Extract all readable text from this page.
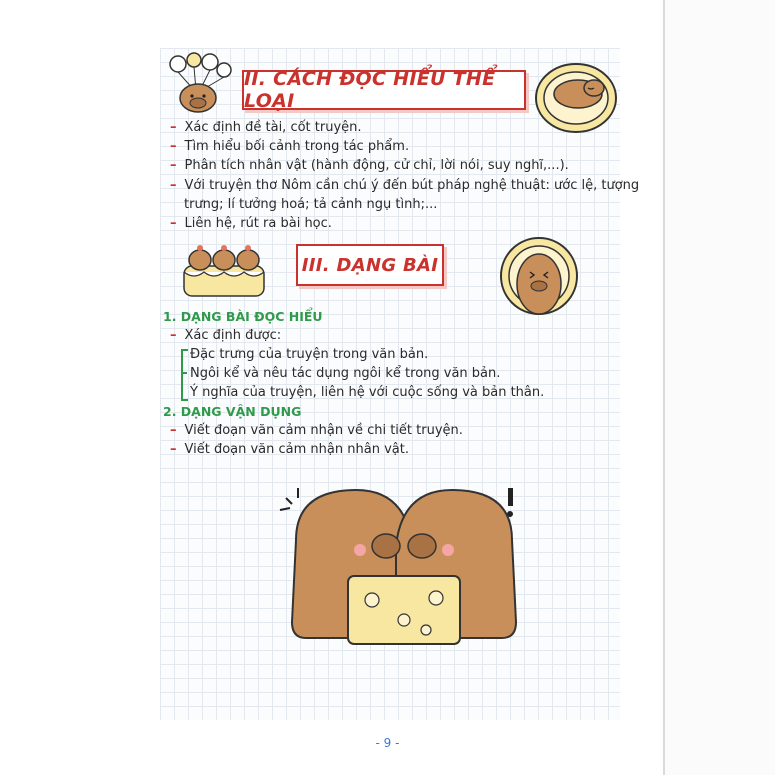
II. CÁCH ĐỌC HIỂU THỂ LOẠI
– Xác định đề tài, cốt truyện.
– Tìm hiểu bối cảnh trong tác phẩm.
– Phân tích nhân vật (hành động, cử chỉ, lời nói, suy nghĩ,...).
– Với truyện thơ Nôm cần chú ý đến bút pháp nghệ thuật: ước lệ, tượng
trưng; lí tưởng hoá; tả cảnh ngụ tình;...
– Liên hệ, rút ra bài học.
III. DẠNG BÀI
1. DẠNG BÀI ĐỌC HIỂU
– Xác định được:
Đặc trưng của truyện trong văn bản.
Ngôi kể và nêu tác dụng ngôi kể trong văn bản.
Ý nghĩa của truyện, liên hệ với cuộc sống và bản thân.
2. DẠNG VẬN DỤNG
– Viết đoạn văn cảm nhận về chi tiết truyện.
– Viết đoạn văn cảm nhận nhân vật.
- 9 -
